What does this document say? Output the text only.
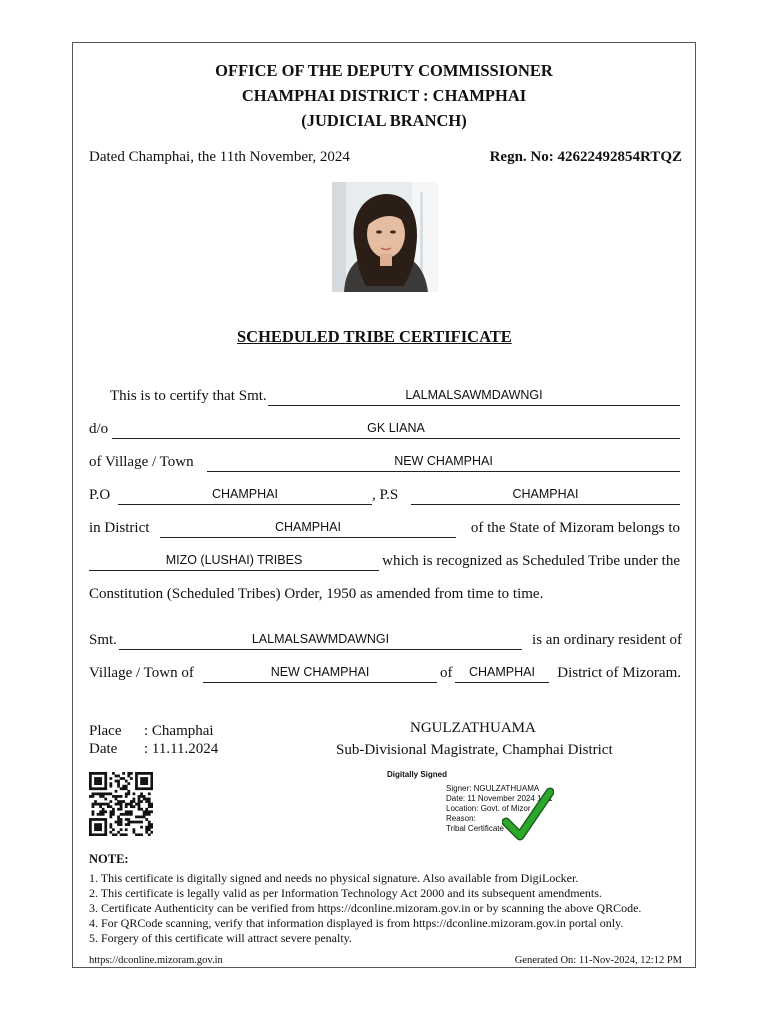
OFFICE OF THE DEPUTY COMMISSIONER
CHAMPHAI DISTRICT : CHAMPHAI
(JUDICIAL BRANCH)
Dated Champhai, the 11th November, 2024	Regn. No: 42622492854RTQZ
SCHEDULED TRIBE CERTIFICATE
This is to certify that Smt.	LALMALSAWMDAWNGI
d/o	GK LIANA
of Village / Town	NEW CHAMPHAI
P.O	CHAMPHAI	, P.S	CHAMPHAI
in District	CHAMPHAI	of the State of Mizoram belongs to
MIZO (LUSHAI) TRIBES	which is recognized as Scheduled Tribe under the
Constitution (Scheduled Tribes) Order, 1950 as amended from time to time.
Smt.	LALMALSAWMDAWNGI	is an ordinary resident of
Village / Town of	NEW CHAMPHAI	of	CHAMPHAI	District of Mizoram.
Place : Champhai
Date : 11.11.2024
NGULZATHUAMA
Sub-Divisional Magistrate, Champhai District
Digitally Signed
Signer: NGULZATHUAMA
Date: 11 November 2024 12:1
Location: Govt. of Mizor
Reason:
Tribal Certificate
NOTE:
1. This certificate is digitally signed and needs no physical signature. Also available from DigiLocker.
2. This certificate is legally valid as per Information Technology Act 2000 and its subsequent amendments.
3. Certificate Authenticity can be verified from https://dconline.mizoram.gov.in or by scanning the above QRCode.
4. For QRCode scanning, verify that information displayed is from https://dconline.mizoram.gov.in portal only.
5. Forgery of this certificate will attract severe penalty.
https://dconline.mizoram.gov.in	Generated On: 11-Nov-2024, 12:12 PM
